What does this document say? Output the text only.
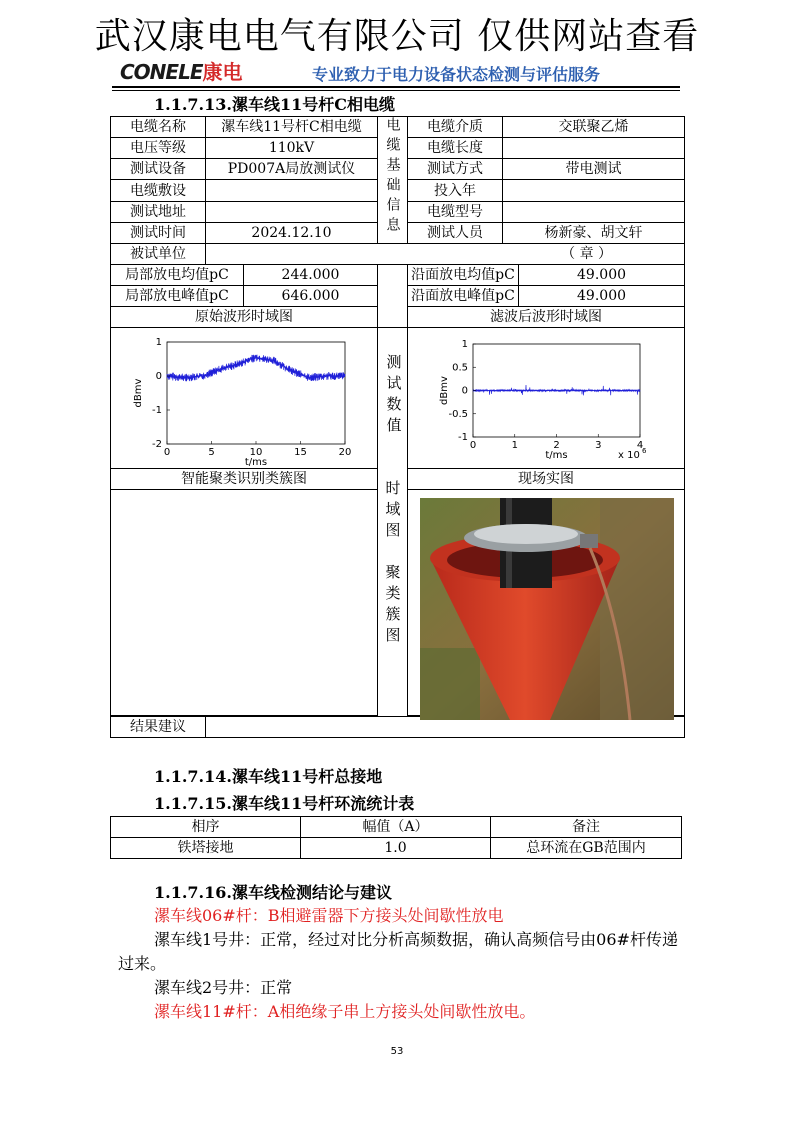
武汉康电电气有限公司 仅供网站查看
CONELE康电	专业致力于电力设备状态检测与评估服务
1.1.7.13.漯车线11号杆C相电缆
电缆名称	漯车线11号杆C相电缆		电缆基础信息	电缆介质	交联聚乙烯	
电压等级	110kV			电缆长度		
测试设备	PD007A局放测试仪			测试方式	带电测试	
电缆敷设				投入年		
测试地址				电缆型号		
测试时间	2024.12.10			测试人员	杨新豪、胡文轩	
被试单位	（ 章 ）					
局部放电均值pC		244.000		沿面放电均值pC		49.000
局部放电峰值pC		646.000		沿面放电峰值pC		49.000
原始波形时域图				滤波后波形时域图		

智能聚类识别类簇图				现场实图		

结果建议						
测试数值
时域图
聚类簇图
0	5	10	15	20
1
0
-1
-2
t/ms
dBmv
0	1	2	3	4
1
0.5
0
-0.5
-1
t/ms
dBmv
x 10 6
1.1.7.14.漯车线11号杆总接地
1.1.7.15.漯车线11号杆环流统计表
相序	幅值（A）	备注
铁塔接地	1.0	总环流在GB范围内
1.1.7.16.漯车线检测结论与建议
漯车线06#杆：B相避雷器下方接头处间歇性放电
漯车线1号井：正常，经过对比分析高频数据，确认高频信号由06#杆传递过来。
漯车线2号井：正常
漯车线11#杆：A相绝缘子串上方接头处间歇性放电。
53
